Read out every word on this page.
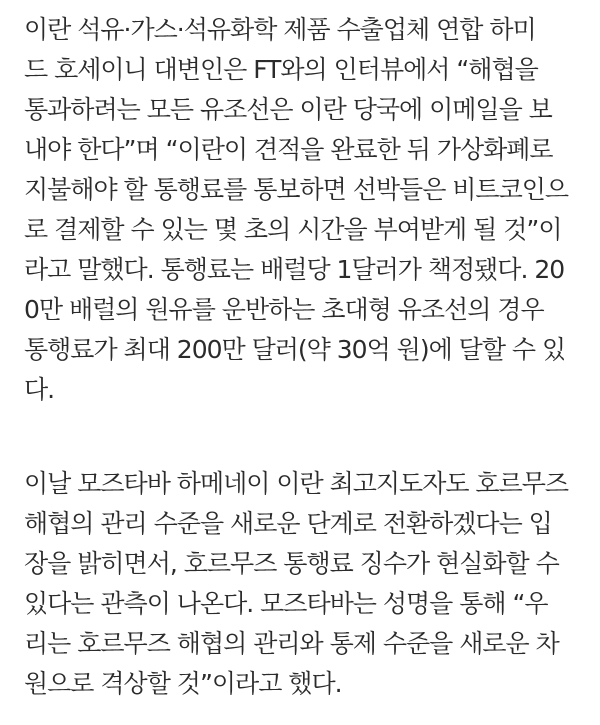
이란 석유·가스·석유화학 제품 수출업체 연합 하미
드 호세이니 대변인은 FT와의 인터뷰에서 “해협을
통과하려는 모든 유조선은 이란 당국에 이메일을 보
내야 한다”며 “이란이 견적을 완료한 뒤 가상화폐로
지불해야 할 통행료를 통보하면 선박들은 비트코인으
로 결제할 수 있는 몇 초의 시간을 부여받게 될 것”이
라고 말했다. 통행료는 배럴당 1달러가 책정됐다. 20
0만 배럴의 원유를 운반하는 초대형 유조선의 경우
통행료가 최대 200만 달러(약 30억 원)에 달할 수 있
다.
이날 모즈타바 하메네이 이란 최고지도자도 호르무즈
해협의 관리 수준을 새로운 단계로 전환하겠다는 입
장을 밝히면서, 호르무즈 통행료 징수가 현실화할 수
있다는 관측이 나온다. 모즈타바는 성명을 통해 “우
리는 호르무즈 해협의 관리와 통제 수준을 새로운 차
원으로 격상할 것”이라고 했다.
